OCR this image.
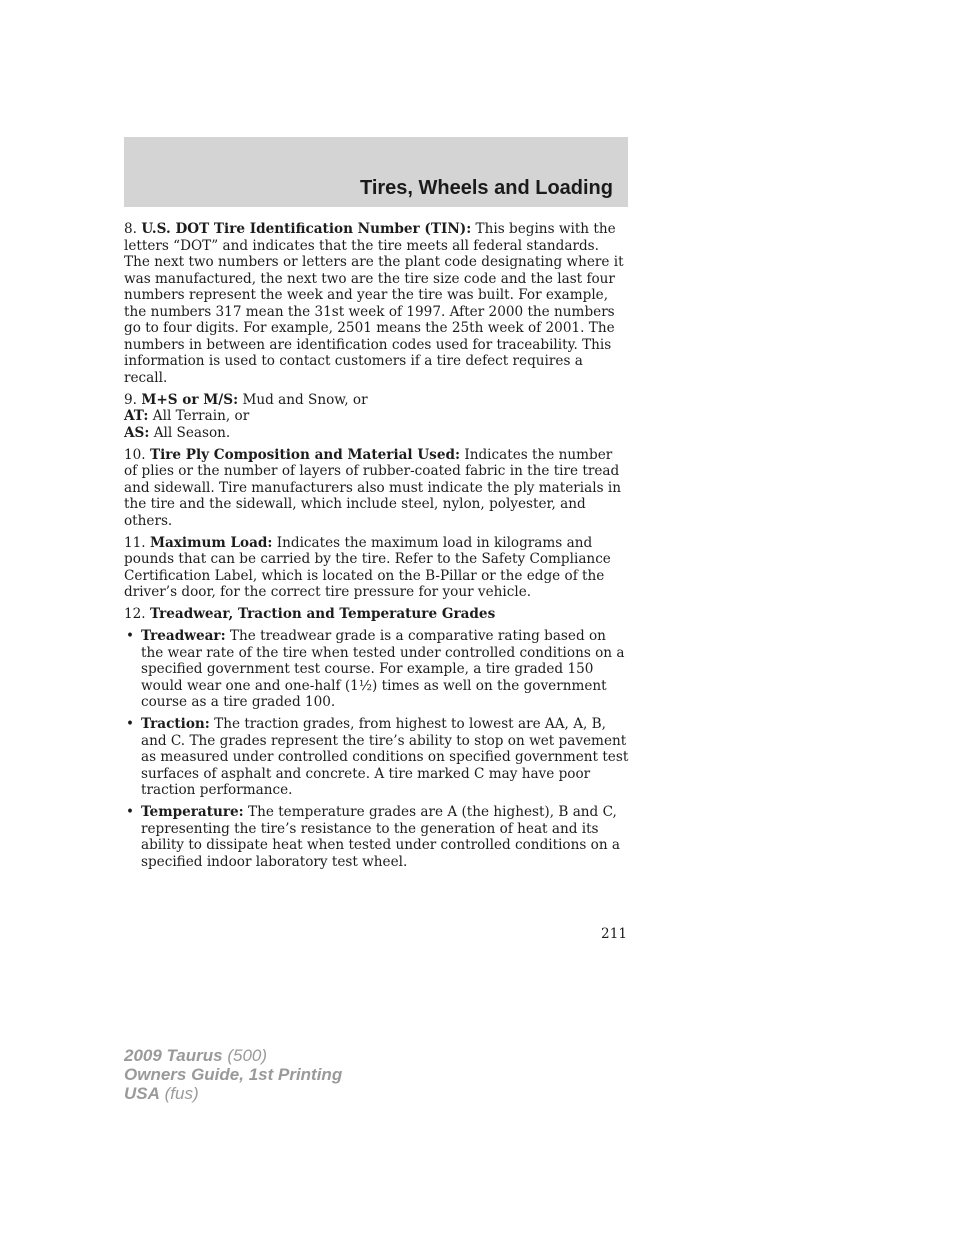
Tires, Wheels and Loading

8. U.S. DOT Tire Identification Number (TIN): This begins with the letters “DOT” and indicates that the tire meets all federal standards. The next two numbers or letters are the plant code designating where it was manufactured, the next two are the tire size code and the last four numbers represent the week and year the tire was built. For example, the numbers 317 mean the 31st week of 1997. After 2000 the numbers go to four digits. For example, 2501 means the 25th week of 2001. The numbers in between are identification codes used for traceability. This information is used to contact customers if a tire defect requires a recall.

9. M+S or M/S: Mud and Snow, or
AT: All Terrain, or
AS: All Season.

10. Tire Ply Composition and Material Used: Indicates the number of plies or the number of layers of rubber-coated fabric in the tire tread and sidewall. Tire manufacturers also must indicate the ply materials in the tire and the sidewall, which include steel, nylon, polyester, and others.

11. Maximum Load: Indicates the maximum load in kilograms and pounds that can be carried by the tire. Refer to the Safety Compliance Certification Label, which is located on the B-Pillar or the edge of the driver’s door, for the correct tire pressure for your vehicle.

12. Treadwear, Traction and Temperature Grades

• Treadwear: The treadwear grade is a comparative rating based on the wear rate of the tire when tested under controlled conditions on a specified government test course. For example, a tire graded 150 would wear one and one-half (1½) times as well on the government course as a tire graded 100.
• Traction: The traction grades, from highest to lowest are AA, A, B, and C. The grades represent the tire’s ability to stop on wet pavement as measured under controlled conditions on specified government test surfaces of asphalt and concrete. A tire marked C may have poor traction performance.
• Temperature: The temperature grades are A (the highest), B and C, representing the tire’s resistance to the generation of heat and its ability to dissipate heat when tested under controlled conditions on a specified indoor laboratory test wheel.
211
2009 Taurus (500)
Owners Guide, 1st Printing
USA (fus)
